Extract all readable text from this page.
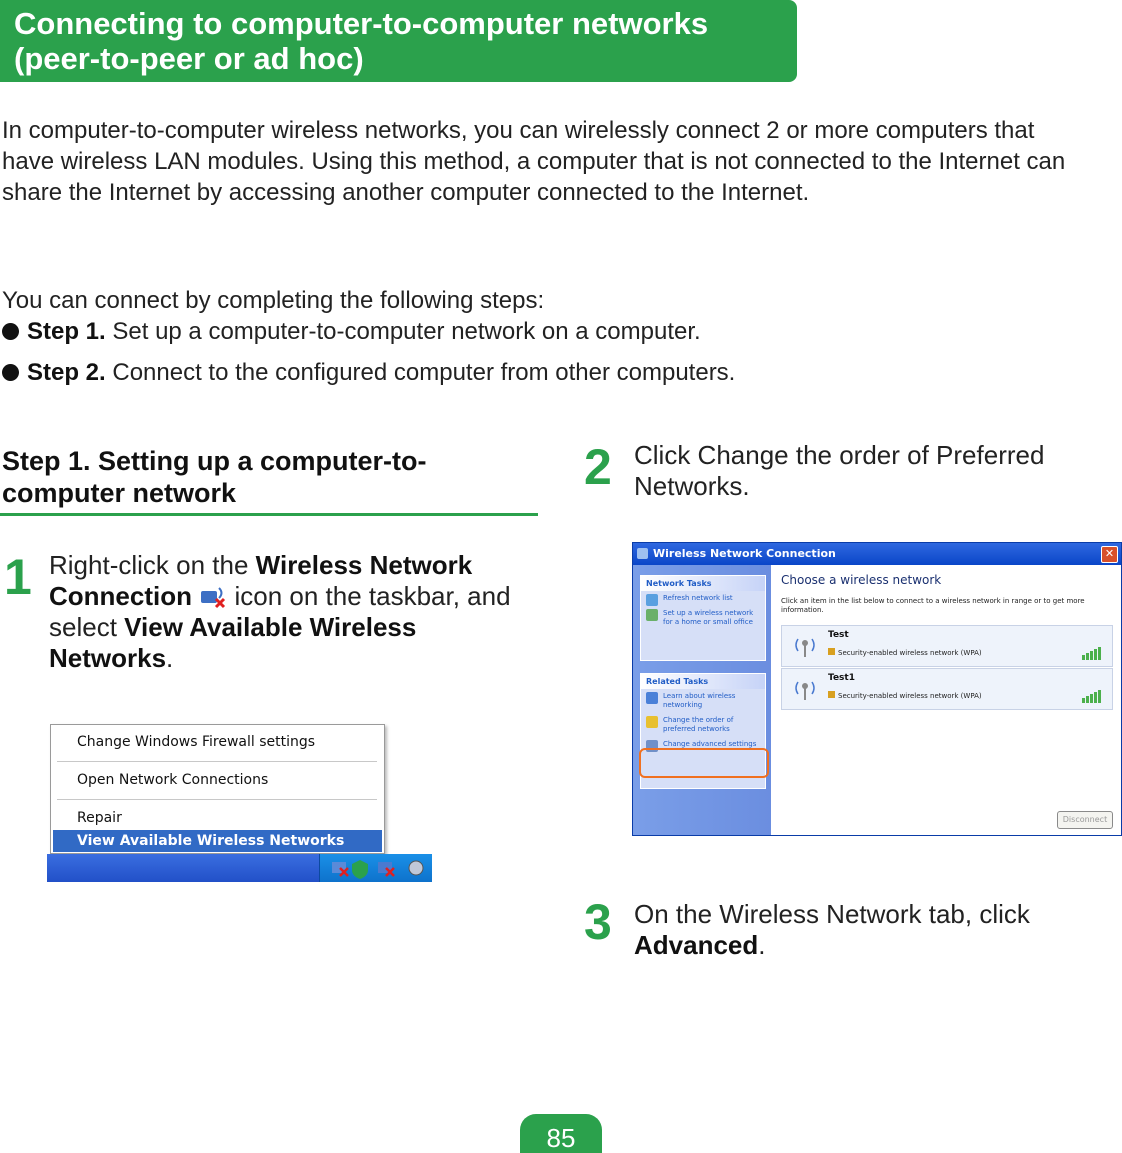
Connecting to computer-to-computer networks
(peer-to-peer or ad hoc)
In computer-to-computer wireless networks, you can wirelessly connect 2 or more computers that have wireless LAN modules. Using this method, a computer that is not connected to the Internet can share the Internet by accessing another computer connected to the Internet.
You can connect by completing the following steps:
Step 1. Set up a computer-to-computer network on a computer.
Step 2. Connect to the configured computer from other computers.
Step 1. Setting up a computer-to-
computer network
1 Right-click on the Wireless Network Connection  icon on the taskbar, and select View Available Wireless Networks.
Change Windows Firewall settings
Open Network Connections
Repair
View Available Wireless Networks
2 Click Change the order of Preferred Networks.
Wireless Network Connection	✕
Network Tasks
Refresh network list
Set up a wireless network for a home or small office
Related Tasks
Learn about wireless networking
Change the order of preferred networks
Change advanced settings
Choose a wireless network
Click an item in the list below to connect to a wireless network in range or to get more information.
Test
Security-enabled wireless network (WPA)
Test1
Security-enabled wireless network (WPA)
Disconnect
3 On the Wireless Network tab, click Advanced.
85
